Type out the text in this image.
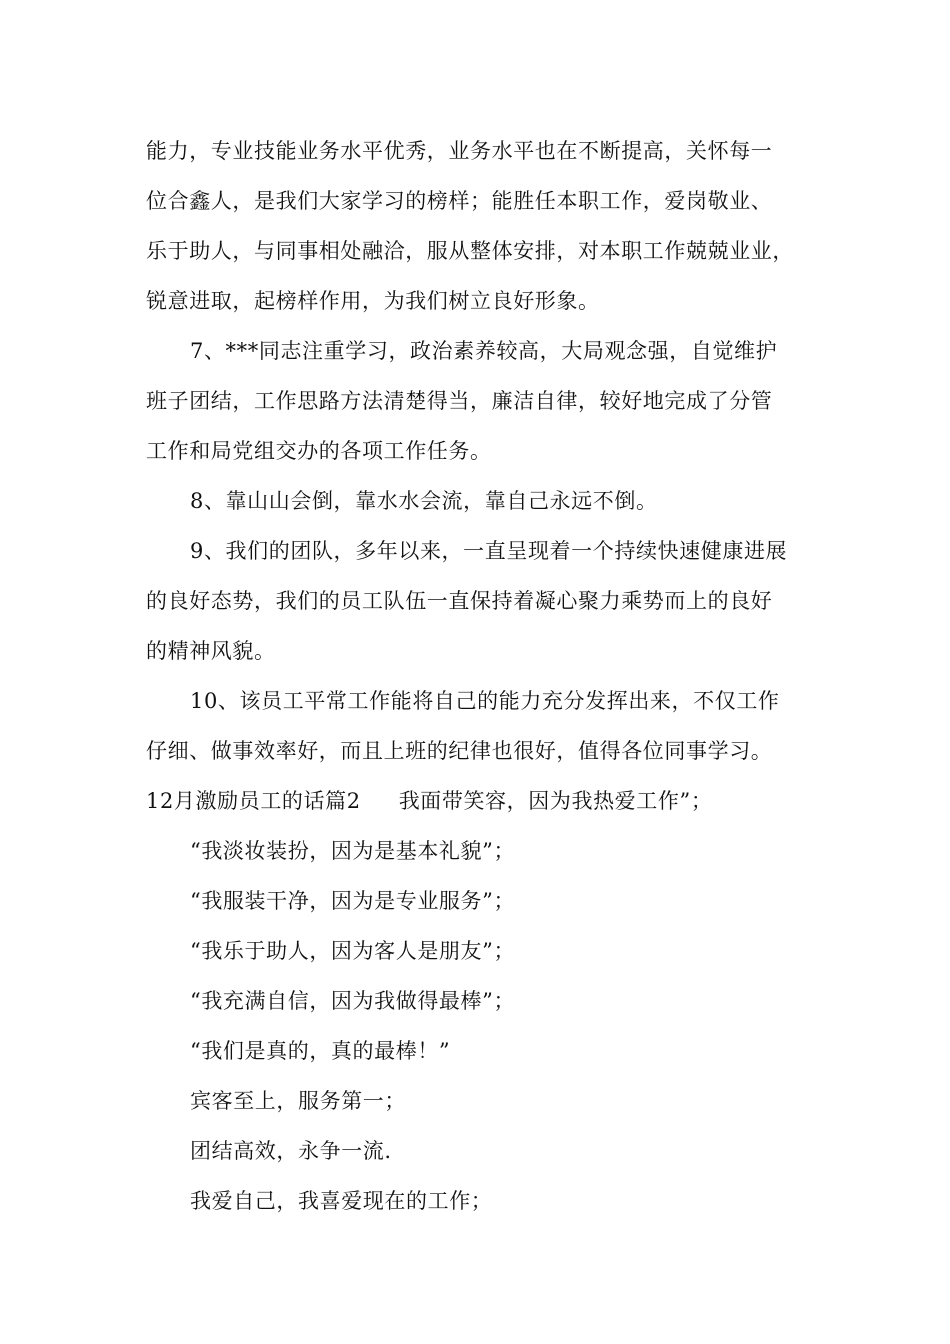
能力，专业技能业务水平优秀，业务水平也在不断提高，关怀每一
位合鑫人，是我们大家学习的榜样；能胜任本职工作，爱岗敬业、
乐于助人，与同事相处融洽，服从整体安排，对本职工作兢兢业业，
锐意进取，起榜样作用，为我们树立良好形象。
7、***同志注重学习，政治素养较高，大局观念强，自觉维护
班子团结，工作思路方法清楚得当，廉洁自律，较好地完成了分管
工作和局党组交办的各项工作任务。
8、靠山山会倒，靠水水会流，靠自己永远不倒。
9、我们的团队，多年以来，一直呈现着一个持续快速健康进展
的良好态势，我们的员工队伍一直保持着凝心聚力乘势而上的良好
的精神风貌。
10、该员工平常工作能将自己的能力充分发挥出来，不仅工作
仔细、做事效率好，而且上班的纪律也很好，值得各位同事学习。
12月激励员工的话篇2 我面带笑容，因为我热爱工作”；
“我淡妆装扮，因为是基本礼貌”；
“我服装干净，因为是专业服务”；
“我乐于助人，因为客人是朋友”；
“我充满自信，因为我做得最棒”；
“我们是真的，真的最棒！”
宾客至上，服务第一；
团结高效，永争一流.
我爱自己，我喜爱现在的工作；
